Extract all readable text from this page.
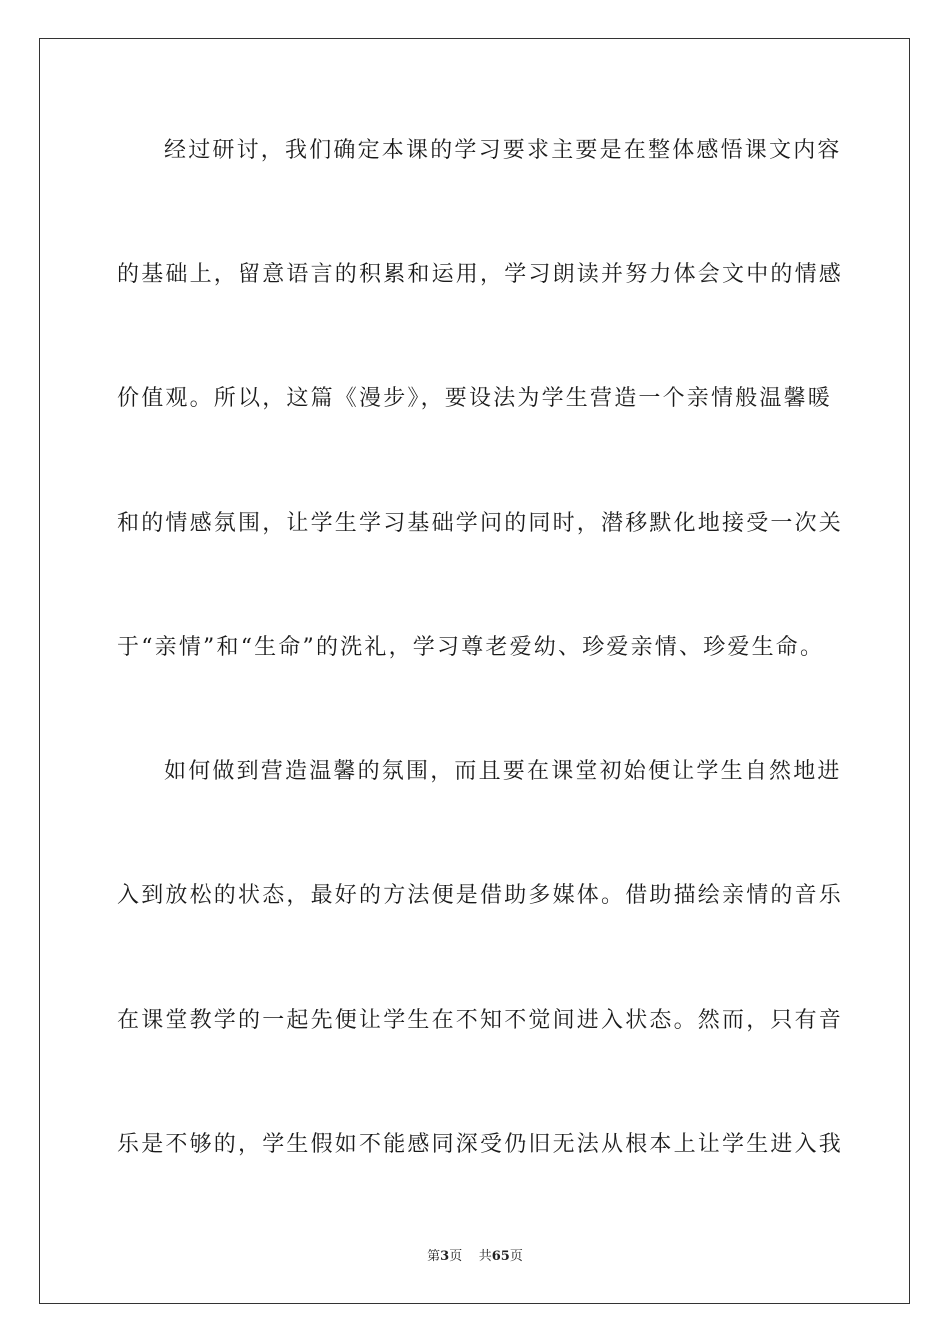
经过研讨，我们确定本课的学习要求主要是在整体感悟课文内容
的基础上，留意语言的积累和运用，学习朗读并努力体会文中的情感
价值观。所以，这篇《漫步》，要设法为学生营造一个亲情般温馨暖
和的情感氛围，让学生学习基础学问的同时，潜移默化地接受一次关
于“亲情”和“生命”的洗礼，学习尊老爱幼、珍爱亲情、珍爱生命。
如何做到营造温馨的氛围，而且要在课堂初始便让学生自然地进
入到放松的状态，最好的方法便是借助多媒体。借助描绘亲情的音乐
在课堂教学的一起先便让学生在不知不觉间进入状态。然而，只有音
乐是不够的，学生假如不能感同深受仍旧无法从根本上让学生进入我
第3页 共65页
